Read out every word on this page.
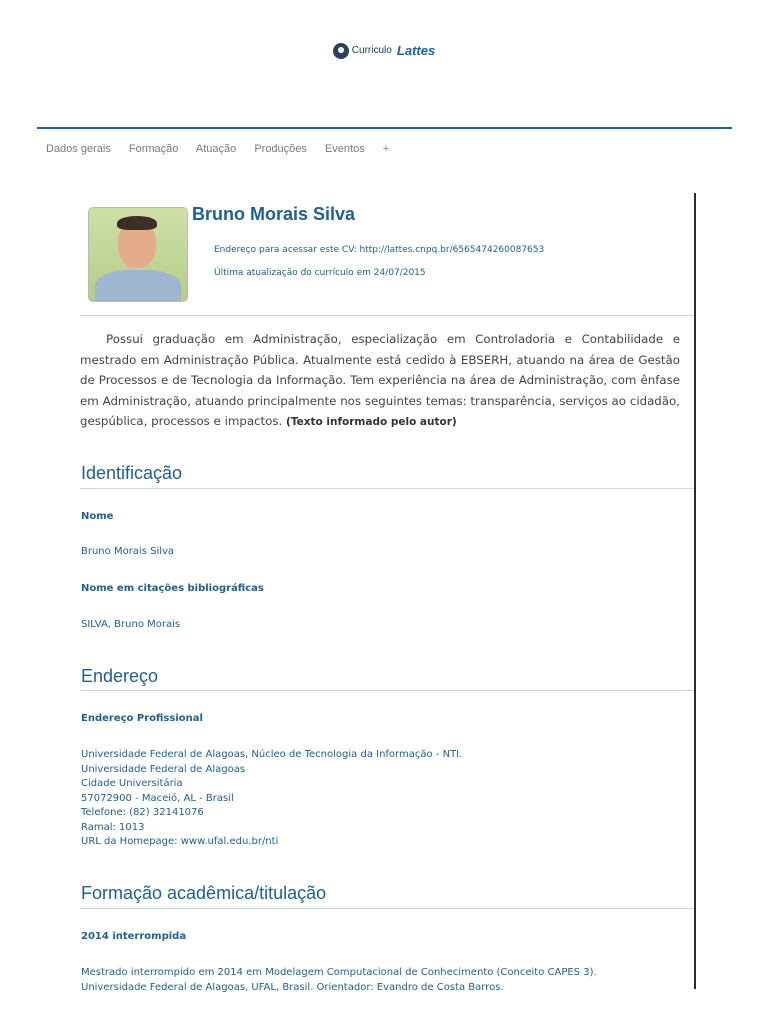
Curriculo Lattes
Dados gerais Formação Atuação Produções Eventos +
Bruno Morais Silva
Endereço para acessar este CV: http://lattes.cnpq.br/6565474260087653
Última atualização do currículo em 24/07/2015
Possui graduação em Administração, especialização em Controladoria e Contabilidade e mestrado em Administração Pública. Atualmente está cedido à EBSERH, atuando na área de Gestão de Processos e de Tecnologia da Informação. Tem experiência na área de Administração, com ênfase em Administração, atuando principalmente nos seguintes temas: transparência, serviços ao cidadão, gespública, processos e impactos. (Texto informado pelo autor)
Identificação
Nome
Bruno Morais Silva
Nome em citações bibliográficas
SILVA, Bruno Morais
Endereço
Endereço Profissional
Universidade Federal de Alagoas, Núcleo de Tecnologia da Informação - NTI.
Universidade Federal de Alagoas
Cidade Universitária
57072900 - Maceió, AL - Brasil
Telefone: (82) 32141076
Ramal: 1013
URL da Homepage: www.ufal.edu.br/nti
Formação acadêmica/titulação
2014 interrompida
Mestrado interrompido em 2014 em Modelagem Computacional de Conhecimento (Conceito CAPES 3).
Universidade Federal de Alagoas, UFAL, Brasil. Orientador: Evandro de Costa Barros.
